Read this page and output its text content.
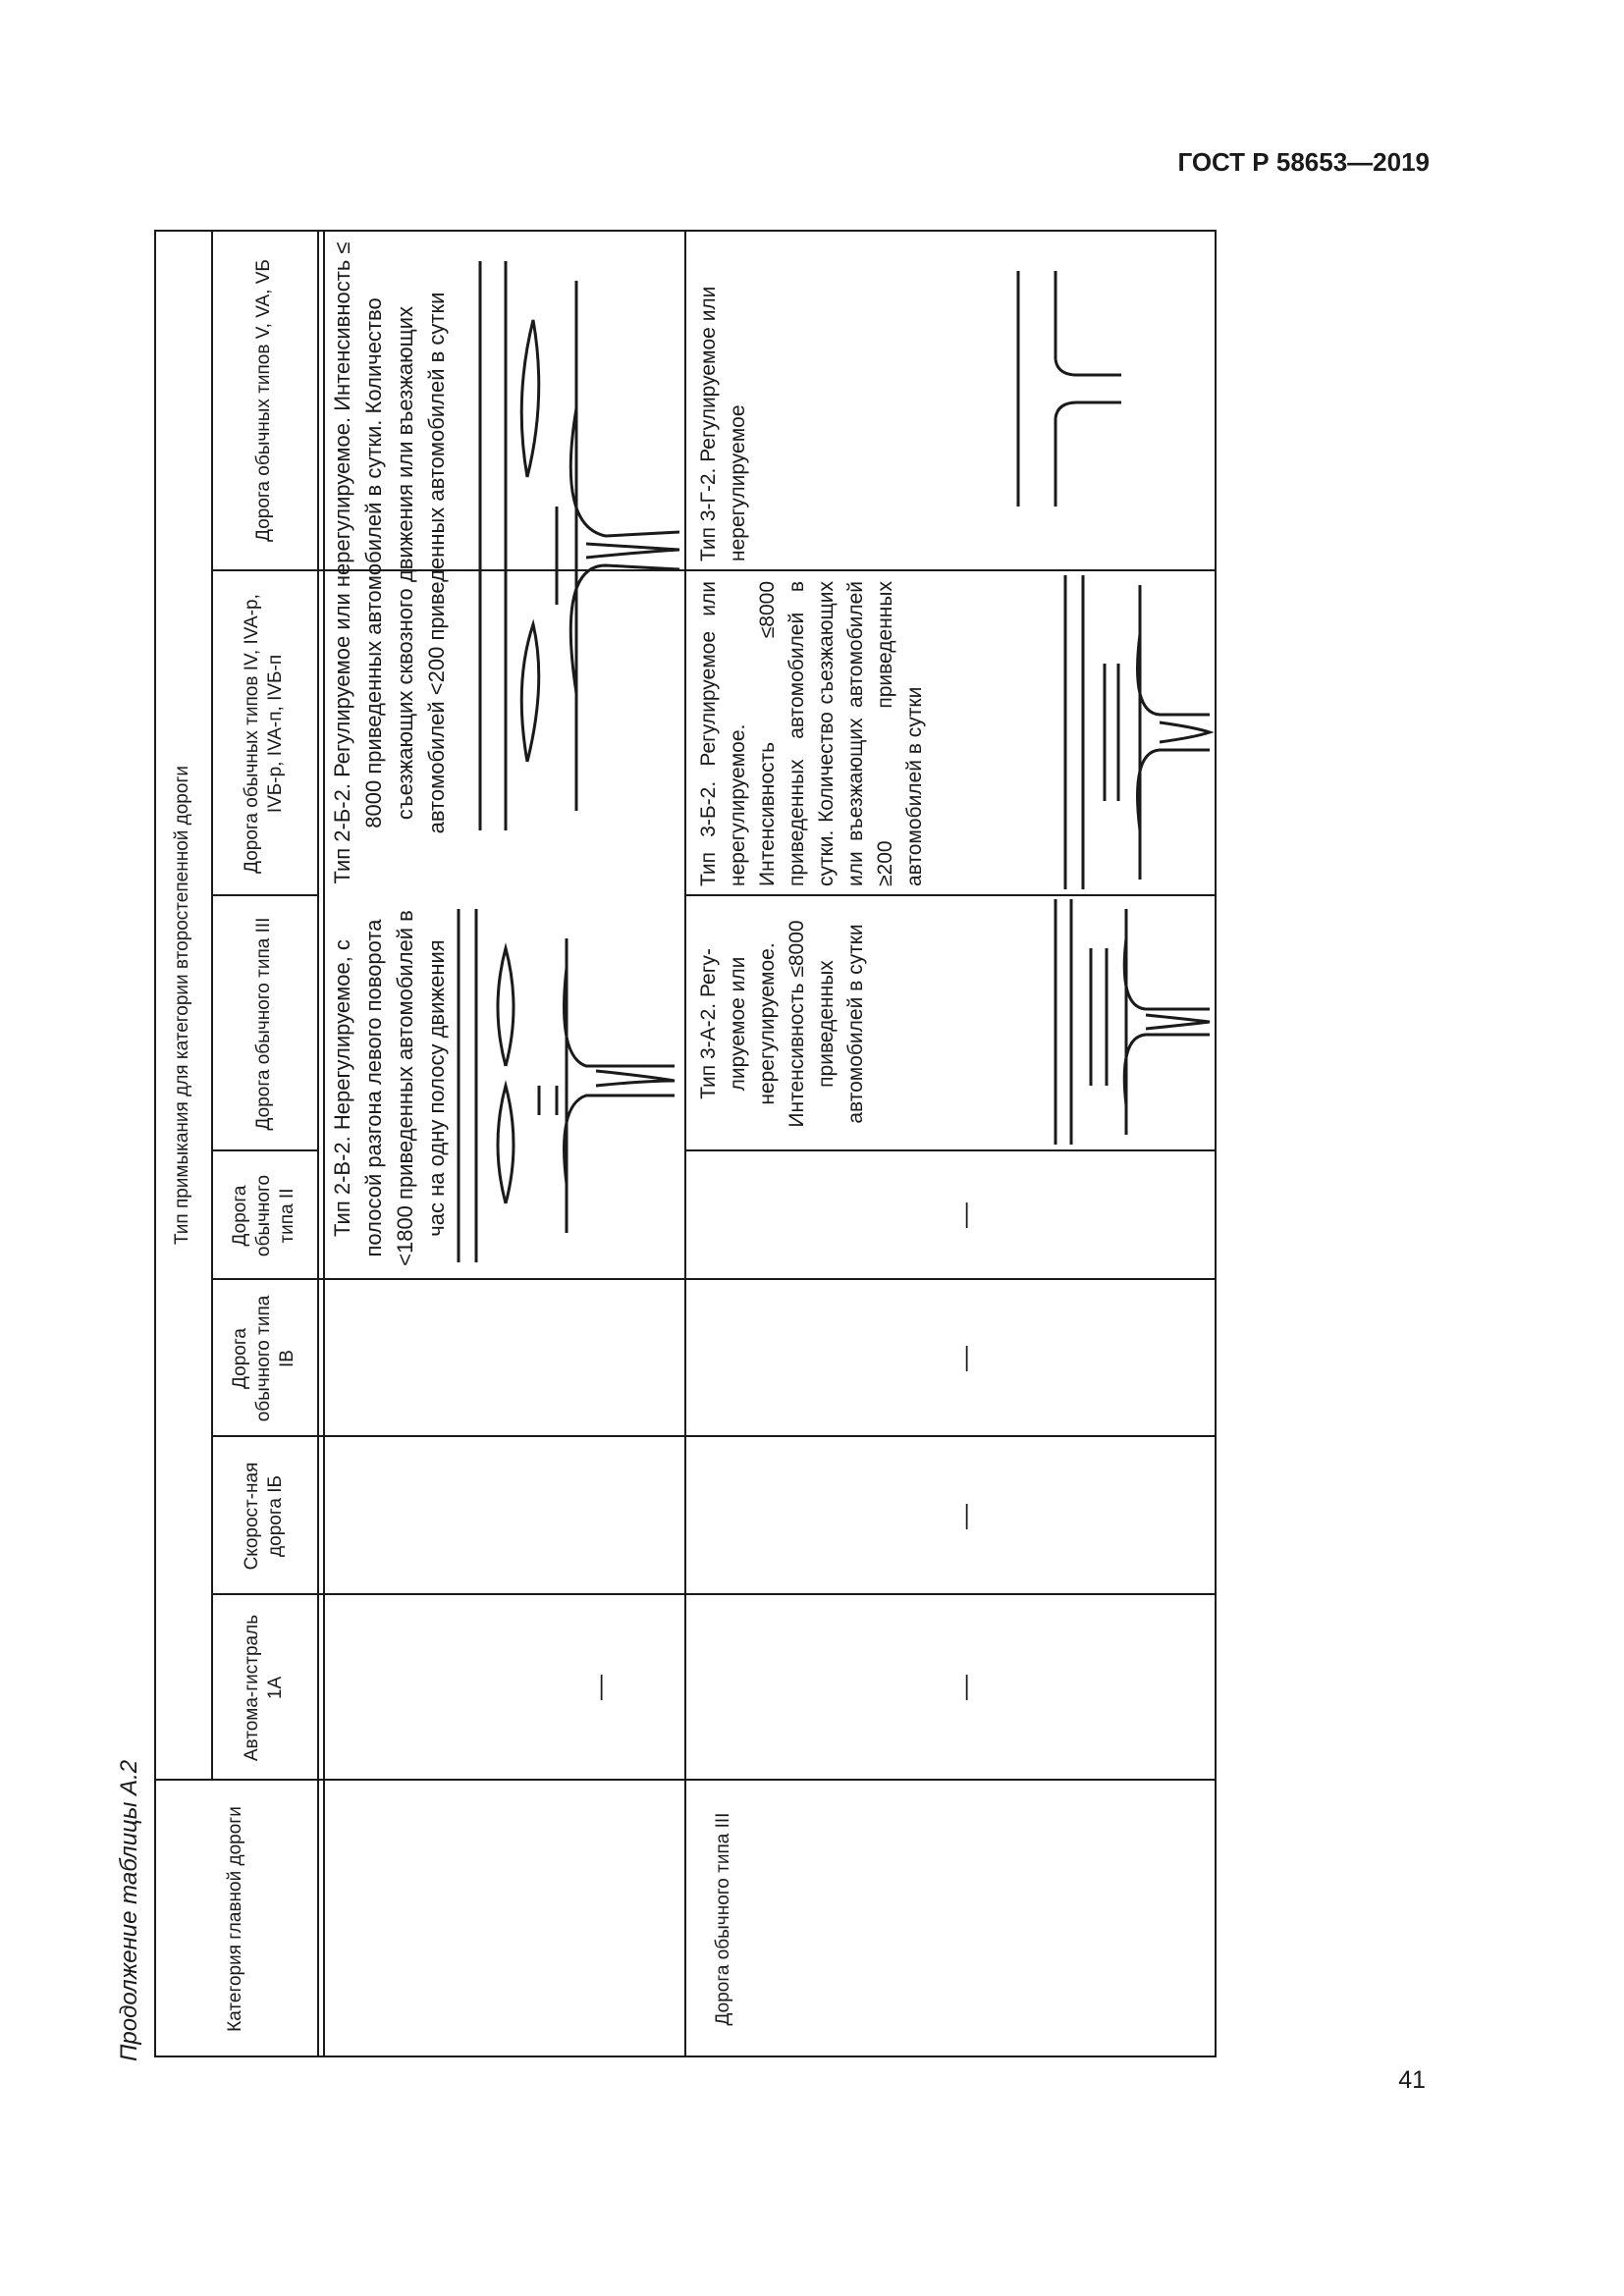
ГОСТ Р 58653—2019
41
Продолжение таблицы А.2	Категория главной дороги
Тип примыкания для категории второстепенной дороги
Автома-гистраль 1А
Скорост-ная дорога IБ
Дорога обычного типа IВ
Дорога обычного типа II
Дорога обычного типа III
Дорога обычных типов IV, IVA-р, IVБ-р, IVA-п, IVБ-п
Дорога обычных типов V, VA, VБ
—
Тип 2-В-2. Нерегулируемое, с полосой разгона левого поворота <1800 приведенных автомобилей в час на одну полосу движения
Тип 2-Б-2. Регулируемое или нерегулируемое. Интенсивность ≤ 8000 приведенных автомобилей в сутки. Количество съезжающих сквозного движения или въезжающих автомобилей <200 приведенных автомобилей в сутки
Дорога обычного типа III
—
—
—
—
Тип 3-А-2. Регу-лируемое или нерегулируемое. Интенсивность ≤8000 приведенных автомобилей в сутки
Тип 3-Б-2. Регулируемое или нерегулируемое. Интенсивность ≤8000 приведенных автомобилей в сутки. Количество съезжающих или въезжающих автомобилей ≥200 приведенных автомобилей в сутки
Тип 3-Г-2. Регулируемое или нерегулируемое
